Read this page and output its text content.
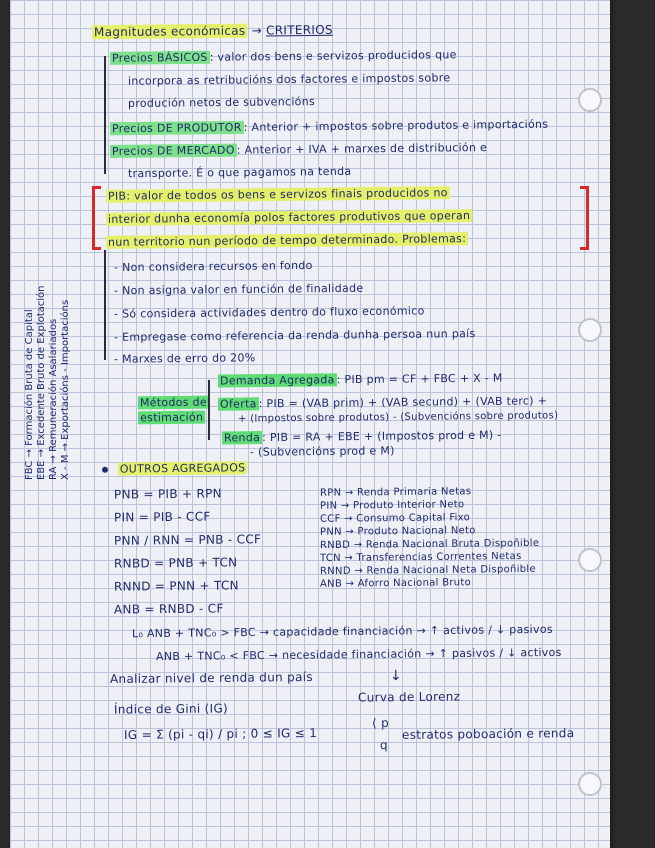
Magnitudes económicas → CRITERIOS
Precios BÁSICOS : valor dos bens e servizos producidos que
incorpora as retribucións dos factores e impostos sobre
produción netos de subvencións
Precios DE PRODUTOR : Anterior + impostos sobre produtos e importacións
Precios DE MERCADO : Anterior + IVA + marxes de distribución e
transporte. É o que pagamos na tenda
PIB: valor de todos os bens e servizos finais producidos no
interior dunha economía polos factores produtivos que operan
nun territorio nun período de tempo determinado. Problemas:
- Non considera recursos en fondo
- Non asigna valor en función de finalidade
- Só considera actividades dentro do fluxo económico
- Empregase como referencia da renda dunha persoa nun país
- Marxes de erro do 20%
Métodos de
estimación
Demanda Agregada : PIB pm = CF + FBC + X - M
Oferta : PIB = (VAB prim) + (VAB secund) + (VAB terc) +
+ (Impostos sobre produtos) - (Subvencións sobre produtos)
Renda : PIB = RA + EBE + (Impostos prod e M) -
- (Subvencións prod e M)
OUTROS AGREGADOS
PNB = PIB + RPN
PIN = PIB - CCF
PNN / RNN = PNB - CCF
RNBD = PNB + TCN
RNND = PNN + TCN
ANB = RNBD - CF
RPN → Renda Primaria Netas
PIN → Produto Interior Neto
CCF → Consumo Capital Fixo
PNN → Produto Nacional Neto
RNBD → Renda Nacional Bruta Dispoñible
TCN → Transferencias Correntes Netas
RNND → Renda Nacional Neta Dispoñible
ANB → Aforro Nacional Bruto
L₀ ANB + TNC₀ > FBC → capacidade financiación → ↑ activos / ↓ pasivos
ANB + TNC₀ < FBC → necesidade financiación → ↑ pasivos / ↓ activos
Analizar nivel de renda dun país
Curva de Lorenz
↓
Índice de Gini (IG)
IG = Σ (pi - qi) / pi ; 0 ≤ IG ≤ 1
⟨ p
q
estratos poboación e renda
FBC → Formación Bruta de Capital EBE → Excedente Bruto de Explotación RA → Remuneración Asalariados X - M → Exportacións - Importacións
